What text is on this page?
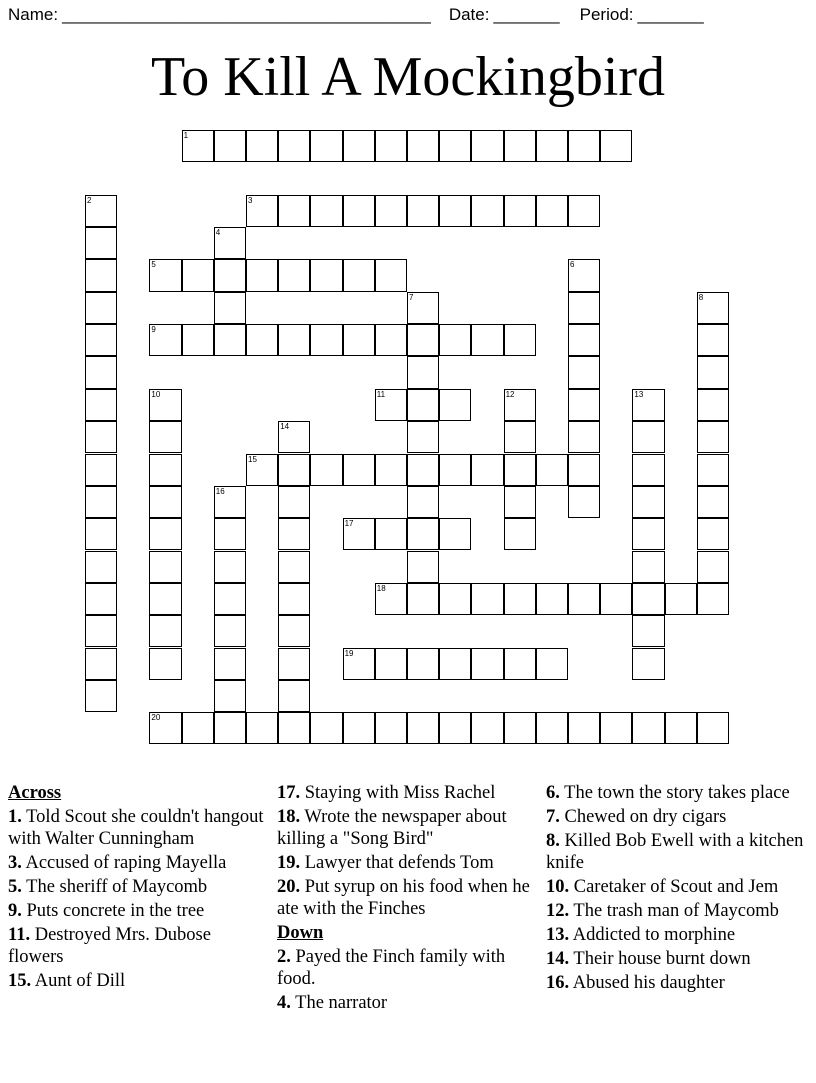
Name: _______________________________________ Date: _______ Period: _______
To Kill A Mockingbird
1
2	3
4
5	6
7	8
9
10	11	12	13
14
15
16
17
18
19
20
Across
1. Told Scout she couldn't hangout with Walter Cunningham
3. Accused of raping Mayella
5. The sheriff of Maycomb
9. Puts concrete in the tree
11. Destroyed Mrs. Dubose flowers
15. Aunt of Dill
17. Staying with Miss Rachel
18. Wrote the newspaper about killing a "Song Bird"
19. Lawyer that defends Tom
20. Put syrup on his food when he ate with the Finches
Down
2. Payed the Finch family with food.
4. The narrator
6. The town the story takes place
7. Chewed on dry cigars
8. Killed Bob Ewell with a kitchen knife
10. Caretaker of Scout and Jem
12. The trash man of Maycomb
13. Addicted to morphine
14. Their house burnt down
16. Abused his daughter
